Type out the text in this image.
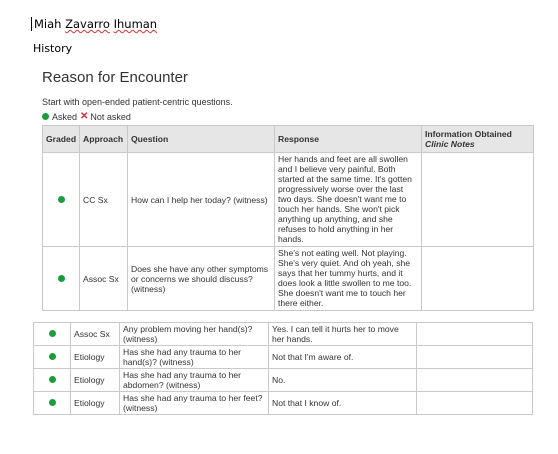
Miah Zavarro Ihuman
History
Reason for Encounter
Start with open-ended patient-centric questions.
Asked ✕ Not asked
Graded	Approach	Question	Response	Information Obtained
Clinic Notes
	CC Sx	How can I help her today? (witness)	Her hands and feet are all swollen and I believe very painful. Both started at the same time. It's gotten progressively worse over the last two days. She doesn't want me to touch her hands. She won't pick anything up anything, and she refuses to hold anything in her hands.	
	Assoc Sx	Does she have any other symptoms or concerns we should discuss? (witness)	She's not eating well. Not playing. She's very quiet. And oh yeah, she says that her tummy hurts, and it does look a little swollen to me too. She doesn't want me to touch her there either.	
	Assoc Sx	Any problem moving her hand(s)? (witness)	Yes. I can tell it hurts her to move her hands.	
	Etiology	Has she had any trauma to her hand(s)? (witness)	Not that I'm aware of.	
	Etiology	Has she had any trauma to her abdomen? (witness)	No.	
	Etiology	Has she had any trauma to her feet? (witness)	Not that I know of.	
